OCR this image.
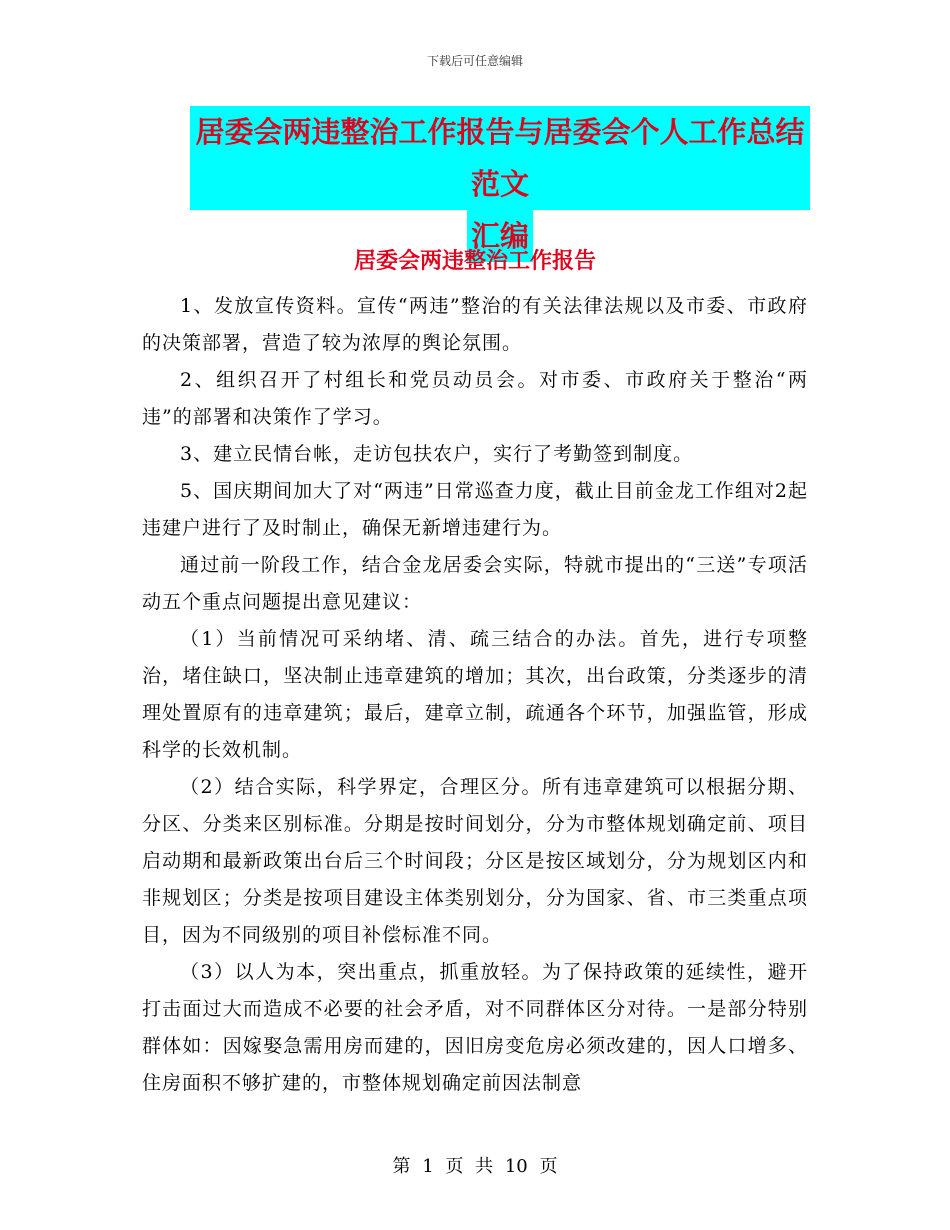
下载后可任意编辑
居委会两违整治工作报告与居委会个人工作总结范文
汇编
居委会两违整治工作报告

1、发放宣传资料。宣传“两违”整治的有关法律法规以及市委、市政府的决策部署，营造了较为浓厚的舆论氛围。

2、组织召开了村组长和党员动员会。对市委、市政府关于整治“两违”的部署和决策作了学习。

3、建立民情台帐，走访包扶农户，实行了考勤签到制度。

5、国庆期间加大了对“两违”日常巡查力度，截止目前金龙工作组对2起违建户进行了及时制止，确保无新增违建行为。

通过前一阶段工作，结合金龙居委会实际，特就市提出的“三送”专项活动五个重点问题提出意见建议：

（1）当前情况可采纳堵、清、疏三结合的办法。首先，进行专项整治，堵住缺口，坚决制止违章建筑的增加；其次，出台政策，分类逐步的清理处置原有的违章建筑；最后，建章立制，疏通各个环节，加强监管，形成科学的长效机制。

（2）结合实际，科学界定，合理区分。所有违章建筑可以根据分期、分区、分类来区别标准。分期是按时间划分，分为市整体规划确定前、项目启动期和最新政策出台后三个时间段；分区是按区域划分，分为规划区内和非规划区；分类是按项目建设主体类别划分，分为国家、省、市三类重点项目，因为不同级别的项目补偿标准不同。

（3）以人为本，突出重点，抓重放轻。为了保持政策的延续性，避开打击面过大而造成不必要的社会矛盾，对不同群体区分对待。一是部分特别群体如：因嫁娶急需用房而建的，因旧房变危房必须改建的，因人口增多、住房面积不够扩建的，市整体规划确定前因法制意

第 1 页 共 10 页
